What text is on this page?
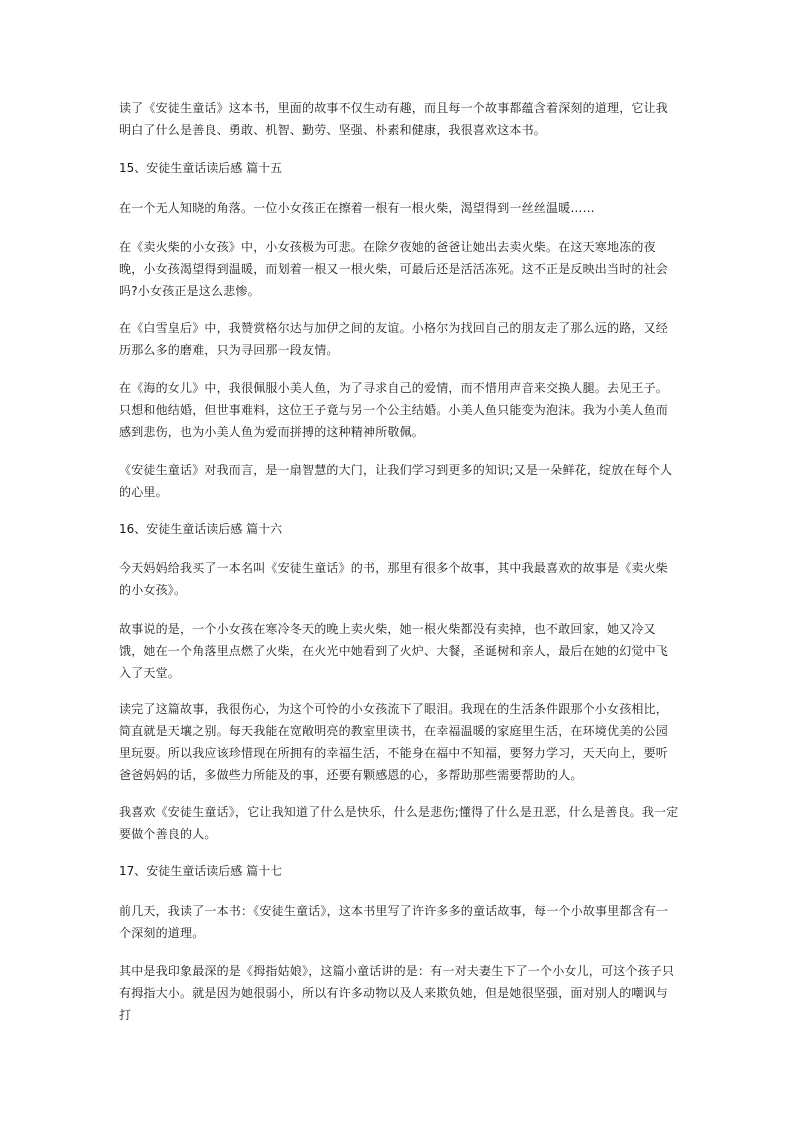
读了《安徒生童话》这本书，里面的故事不仅生动有趣，而且每一个故事都蕴含着深刻的道理，它让我明白了什么是善良、勇敢、机智、勤劳、坚强、朴素和健康，我很喜欢这本书。

15、安徒生童话读后感 篇十五

在一个无人知晓的角落。一位小女孩正在擦着一根有一根火柴，渴望得到一丝丝温暖……

在《卖火柴的小女孩》中，小女孩极为可悲。在除夕夜她的爸爸让她出去卖火柴。在这天寒地冻的夜晚，小女孩渴望得到温暖，而划着一根又一根火柴，可最后还是活活冻死。这不正是反映出当时的社会吗?小女孩正是这么悲惨。

在《白雪皇后》中，我赞赏格尔达与加伊之间的友谊。小格尔为找回自己的朋友走了那么远的路，又经历那么多的磨难，只为寻回那一段友情。

在《海的女儿》中，我很佩服小美人鱼，为了寻求自己的爱情，而不惜用声音来交换人腿。去见王子。只想和他结婚，但世事难料，这位王子竟与另一个公主结婚。小美人鱼只能变为泡沫。我为小美人鱼而感到悲伤，也为小美人鱼为爱而拼搏的这种精神所敬佩。

《安徒生童话》对我而言，是一扇智慧的大门，让我们学习到更多的知识;又是一朵鲜花，绽放在每个人的心里。

16、安徒生童话读后感 篇十六

今天妈妈给我买了一本名叫《安徒生童话》的书，那里有很多个故事，其中我最喜欢的故事是《卖火柴的小女孩》。

故事说的是，一个小女孩在寒冷冬天的晚上卖火柴，她一根火柴都没有卖掉，也不敢回家，她又冷又饿，她在一个角落里点燃了火柴，在火光中她看到了火炉、大餐，圣诞树和亲人，最后在她的幻觉中飞入了天堂。

读完了这篇故事，我很伤心，为这个可怜的小女孩流下了眼泪。我现在的生活条件跟那个小女孩相比，简直就是天壤之别。每天我能在宽敞明亮的教室里读书，在幸福温暖的家庭里生活，在环境优美的公园里玩耍。所以我应该珍惜现在所拥有的幸福生活，不能身在福中不知福，要努力学习，天天向上，要听爸爸妈妈的话，多做些力所能及的事，还要有颗感恩的心，多帮助那些需要帮助的人。

我喜欢《安徒生童话》，它让我知道了什么是快乐，什么是悲伤;懂得了什么是丑恶，什么是善良。我一定要做个善良的人。

17、安徒生童话读后感 篇十七

前几天，我读了一本书：《安徒生童话》，这本书里写了许许多多的童话故事，每一个小故事里都含有一个深刻的道理。

其中是我印象最深的是《拇指姑娘》，这篇小童话讲的是：有一对夫妻生下了一个小女儿，可这个孩子只有拇指大小。就是因为她很弱小，所以有许多动物以及人来欺负她，但是她很坚强，面对别人的嘲讽与打
